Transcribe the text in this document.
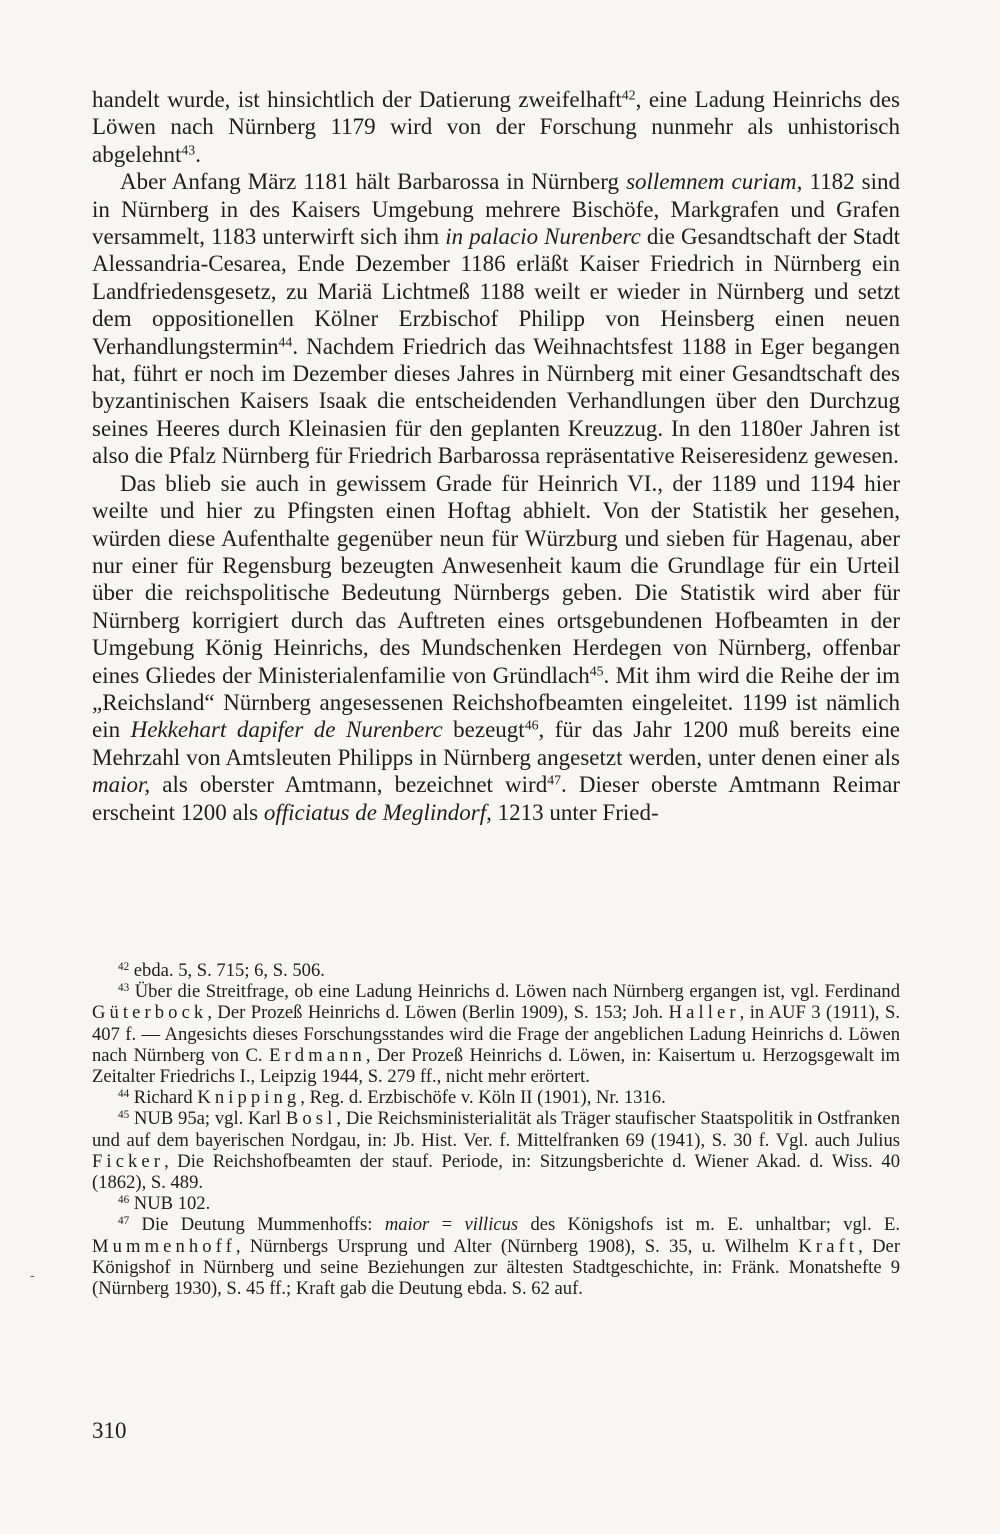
handelt wurde, ist hinsichtlich der Datierung zweifelhaft$^{42}$, eine Ladung Heinrichs des Löwen nach Nürnberg 1179 wird von der Forschung nunmehr als unhistorisch abgelehnt$^{43}$.

Aber Anfang März 1181 hält Barbarossa in Nürnberg sollemnem curiam, 1182 sind in Nürnberg in des Kaisers Umgebung mehrere Bischöfe, Markgrafen und Grafen versammelt, 1183 unterwirft sich ihm in palacio Nurenberc die Gesandtschaft der Stadt Alessandria-Cesarea, Ende Dezember 1186 erläßt Kaiser Friedrich in Nürnberg ein Landfriedensgesetz, zu Mariä Lichtmeß 1188 weilt er wieder in Nürnberg und setzt dem oppositionellen Kölner Erzbischof Philipp von Heinsberg einen neuen Verhandlungstermin$^{44}$. Nachdem Friedrich das Weihnachtsfest 1188 in Eger begangen hat, führt er noch im Dezember dieses Jahres in Nürnberg mit einer Gesandtschaft des byzantinischen Kaisers Isaak die entscheidenden Verhandlungen über den Durchzug seines Heeres durch Kleinasien für den geplanten Kreuzzug. In den 1180er Jahren ist also die Pfalz Nürnberg für Friedrich Barbarossa repräsentative Reiseresidenz gewesen.

Das blieb sie auch in gewissem Grade für Heinrich VI., der 1189 und 1194 hier weilte und hier zu Pfingsten einen Hoftag abhielt. Von der Statistik her gesehen, würden diese Aufenthalte gegenüber neun für Würzburg und sieben für Hagenau, aber nur einer für Regensburg bezeugten Anwesenheit kaum die Grundlage für ein Urteil über die reichspolitische Bedeutung Nürnbergs geben. Die Statistik wird aber für Nürnberg korrigiert durch das Auftreten eines ortsgebundenen Hofbeamten in der Umgebung König Heinrichs, des Mundschenken Herdegen von Nürnberg, offenbar eines Gliedes der Ministerialenfamilie von Gründlach$^{45}$. Mit ihm wird die Reihe der im „Reichsland“ Nürnberg angesessenen Reichshofbeamten eingeleitet. 1199 ist nämlich ein Hekkehart dapifer de Nurenberc bezeugt$^{46}$, für das Jahr 1200 muß bereits eine Mehrzahl von Amtsleuten Philipps in Nürnberg angesetzt werden, unter denen einer als maior, als oberster Amtmann, bezeichnet wird$^{47}$. Dieser oberste Amtmann Reimar erscheint 1200 als officiatus de Meglindorf, 1213 unter Fried-

$^{42}$ ebda. 5, S. 715; 6, S. 506.

$^{43}$ Über die Streitfrage, ob eine Ladung Heinrichs d. Löwen nach Nürnberg ergangen ist, vgl. Ferdinand Güterbock, Der Prozeß Heinrichs d. Löwen (Berlin 1909), S. 153; Joh. Haller, in AUF 3 (1911), S. 407 f. — Angesichts dieses Forschungsstandes wird die Frage der angeblichen Ladung Heinrichs d. Löwen nach Nürnberg von C. Erdmann, Der Prozeß Heinrichs d. Löwen, in: Kaisertum u. Herzogsgewalt im Zeitalter Friedrichs I., Leipzig 1944, S. 279 ff., nicht mehr erörtert.

$^{44}$ Richard Knipping, Reg. d. Erzbischöfe v. Köln II (1901), Nr. 1316.

$^{45}$ NUB 95a; vgl. Karl Bosl, Die Reichsministerialität als Träger staufischer Staatspolitik in Ostfranken und auf dem bayerischen Nordgau, in: Jb. Hist. Ver. f. Mittelfranken 69 (1941), S. 30 f. Vgl. auch Julius Ficker, Die Reichshofbeamten der stauf. Periode, in: Sitzungsberichte d. Wiener Akad. d. Wiss. 40 (1862), S. 489.

$^{46}$ NUB 102.

$^{47}$ Die Deutung Mummenhoffs: maior = villicus des Königshofs ist m. E. unhaltbar; vgl. E. Mummenhoff, Nürnbergs Ursprung und Alter (Nürnberg 1908), S. 35, u. Wilhelm Kraft, Der Königshof in Nürnberg und seine Beziehungen zur ältesten Stadtgeschichte, in: Fränk. Monatshefte 9 (Nürnberg 1930), S. 45 ff.; Kraft gab die Deutung ebda. S. 62 auf.

-
310
